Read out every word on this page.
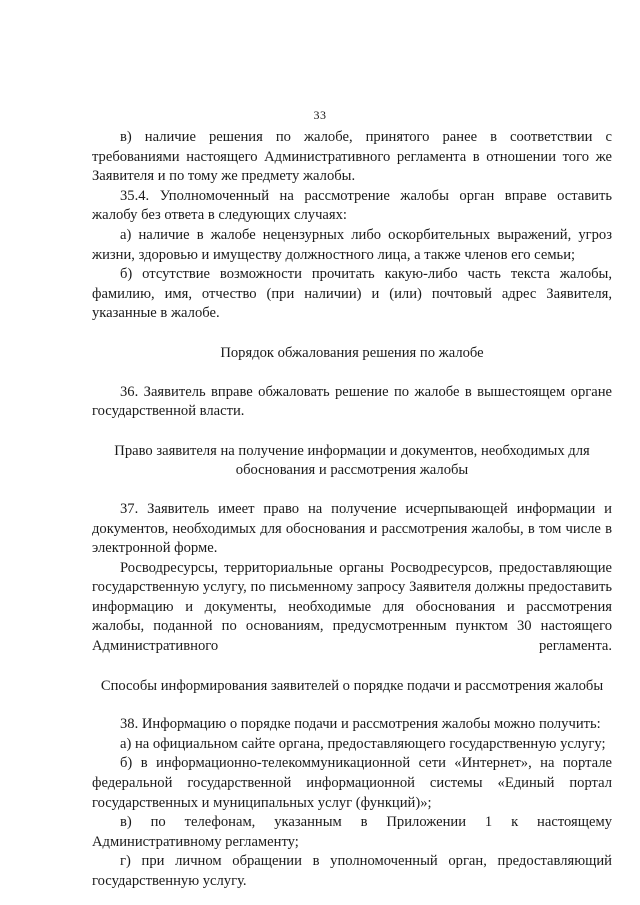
33

в) наличие решения по жалобе, принятого ранее в соответствии с требованиями настоящего Административного регламента в отношении того же Заявителя и по тому же предмету жалобы.

35.4. Уполномоченный на рассмотрение жалобы орган вправе оставить жалобу без ответа в следующих случаях:

а) наличие в жалобе нецензурных либо оскорбительных выражений, угроз жизни, здоровью и имуществу должностного лица, а также членов его семьи;

б) отсутствие возможности прочитать какую-либо часть текста жалобы, фамилию, имя, отчество (при наличии) и (или) почтовый адрес Заявителя, указанные в жалобе.

Порядок обжалования решения по жалобе

36. Заявитель вправе обжаловать решение по жалобе в вышестоящем органе государственной власти.

Право заявителя на получение информации и документов, необходимых для обоснования и рассмотрения жалобы

37. Заявитель имеет право на получение исчерпывающей информации и документов, необходимых для обоснования и рассмотрения жалобы, в том числе в электронной форме.

Росводресурсы, территориальные органы Росводресурсов, предоставляющие государственную услугу, по письменному запросу Заявителя должны предоставить информацию и документы, необходимые для обоснования и рассмотрения жалобы, поданной по основаниям, предусмотренным пунктом 30 настоящего Административного регламента.

Способы информирования заявителей о порядке подачи и рассмотрения жалобы

38. Информацию о порядке подачи и рассмотрения жалобы можно получить:

а) на официальном сайте органа, предоставляющего государственную услугу;

б) в информационно-телекоммуникационной сети «Интернет», на портале федеральной государственной информационной системы «Единый портал государственных и муниципальных услуг (функций)»;

в) по телефонам, указанным в Приложении 1 к настоящему Административному регламенту;

г) при личном обращении в уполномоченный орган, предоставляющий государственную услугу.
